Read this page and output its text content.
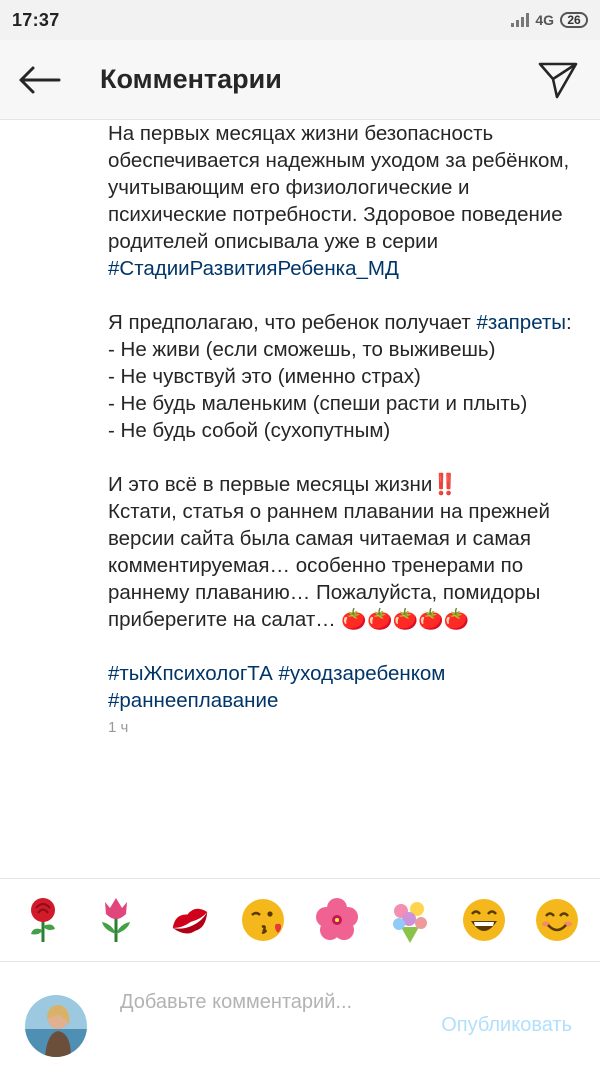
17:37	4G	26
Комментарии

На первых месяцах жизни безопасность обеспечивается надежным уходом за ребёнком, учитывающим его физиологические и психические потребности. Здоровое поведение родителей описывала уже в серии #СтадииРазвитияРебенка_МД

Я предполагаю, что ребенок получает #запреты:

- Не живи (если сможешь, то выживешь)

- Не чувствуй это (именно страх)

- Не будь маленьким (спеши расти и плыть)

- Не будь собой (сухопутным)

И это всё в первые месяцы жизни‼️

Кстати, статья о раннем плавании на прежней версии сайта была самая читаемая и самая комментируемая… особенно тренерами по раннему плаванию… Пожалуйста, помидоры приберегите на салат… 🍅🍅🍅🍅🍅

#тыЖпсихологТА #уходзаребенком

#раннееплавание

1 ч

Добавьте комментарий...
Опубликовать
